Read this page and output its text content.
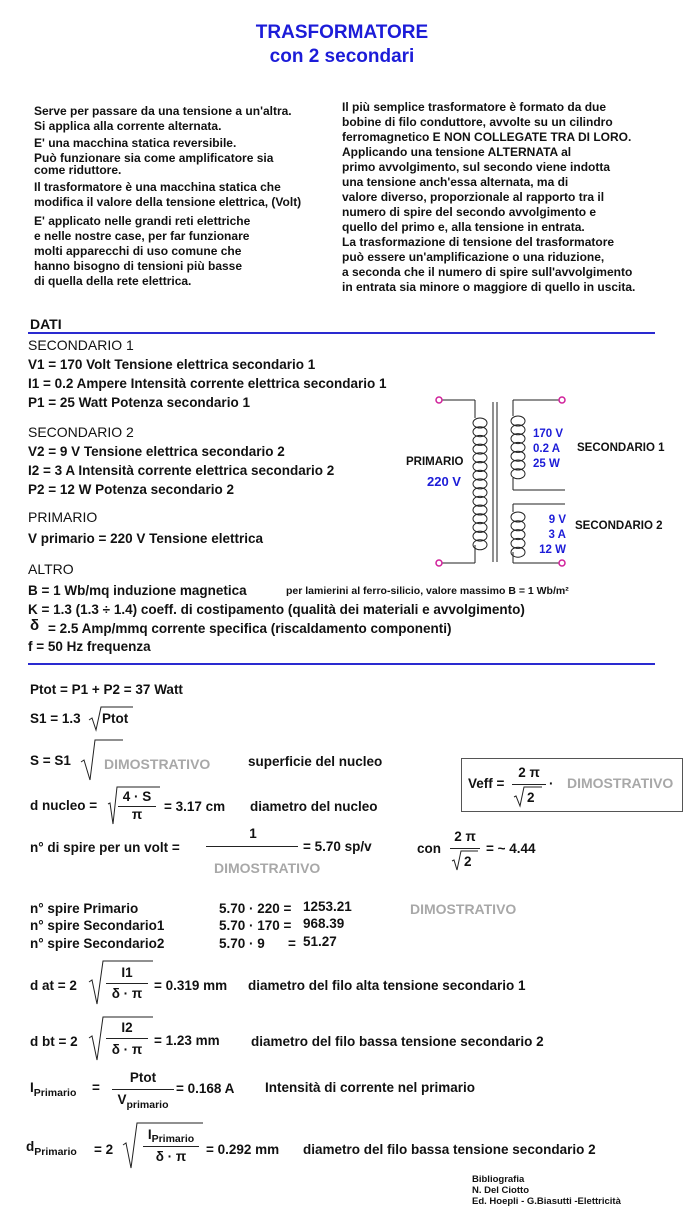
TRASFORMATORE
con 2 secondari
Serve per passare da una tensione a un'altra.
Si applica alla corrente alternata.
E' una macchina statica reversibile.
Può funzionare sia come amplificatore sia
come riduttore.
Il trasformatore è una macchina statica che
modifica il valore della tensione elettrica, (Volt)
E' applicato nelle grandi reti elettriche
e nelle nostre case, per far funzionare
molti apparecchi di uso comune che
hanno bisogno di tensioni più basse
di quella della rete elettrica.
Il più semplice trasformatore è formato da due
bobine di filo conduttore, avvolte su un cilindro
ferromagnetico E NON COLLEGATE TRA DI LORO.
Applicando una tensione ALTERNATA al
primo avvolgimento, sul secondo viene indotta
una tensione anch'essa alternata, ma di
valore diverso, proporzionale al rapporto tra il
numero di spire del secondo avvolgimento e
quello del primo e, alla tensione in entrata.
La trasformazione di tensione del trasformatore
può essere un'amplificazione o una riduzione,
a seconda che il numero di spire sull'avvolgimento
in entrata sia minore o maggiore di quello in uscita.
DATI
SECONDARIO 1
V1 = 170 Volt Tensione elettrica secondario 1
I1 = 0.2 Ampere Intensità corrente elettrica secondario 1
P1 = 25 Watt Potenza secondario 1
SECONDARIO 2
V2 = 9 V Tensione elettrica secondario 2
I2 = 3 A Intensità corrente elettrica secondario 2
P2 = 12 W Potenza secondario 2
PRIMARIO
V primario = 220 V Tensione elettrica
ALTRO
B = 1 Wb/mq induzione magnetica	per lamierini al ferro-silicio, valore massimo B = 1 Wb/m²
K = 1.3 (1.3 ÷ 1.4) coeff. di costipamento (qualità dei materiali e avvolgimento)
δ = 2.5 Amp/mmq corrente specifica (riscaldamento componenti)
f = 50 Hz frequenza
PRIMARIO
220 V
170 V
0.2 A
25 W
SECONDARIO 1
9 V
3 A
12 W
SECONDARIO 2
Ptot = P1 + P2 = 37 Watt
S1 = 1.3 Ptot
S = S1 DIMOSTRATIVO	superficie del nucleo
Veff =
2 π
2
· DIMOSTRATIVO
d nucleo =
4 · S
π
= 3.17 cm diametro del nucleo
n° di spire per un volt =
1
DIMOSTRATIVO
= 5.70 sp/v	con
2 π
2
= ~ 4.44
n° spire Primario	5.70 · 220 = 1253.21
n° spire Secondario1	5.70 · 170 = 968.39
n° spire Secondario2	5.70 · 9 = 51.27
DIMOSTRATIVO
d at = 2
I1
δ · π
= 0.319 mm diametro del filo alta tensione secondario 1
d bt = 2
I2
δ · π
= 1.23 mm diametro del filo bassa tensione secondario 2
$I_{Primario}$ =
Ptot
$V_{primario}$
= 0.168 A Intensità di corrente nel primario
$d_{Primario} = 2$
$I_{Primario}$
δ · π	= 0.292 mm diametro del filo bassa tensione secondario 2
Bibliografia
N. Del Ciotto
Ed. Hoepli - G.Biasutti -Elettricità
